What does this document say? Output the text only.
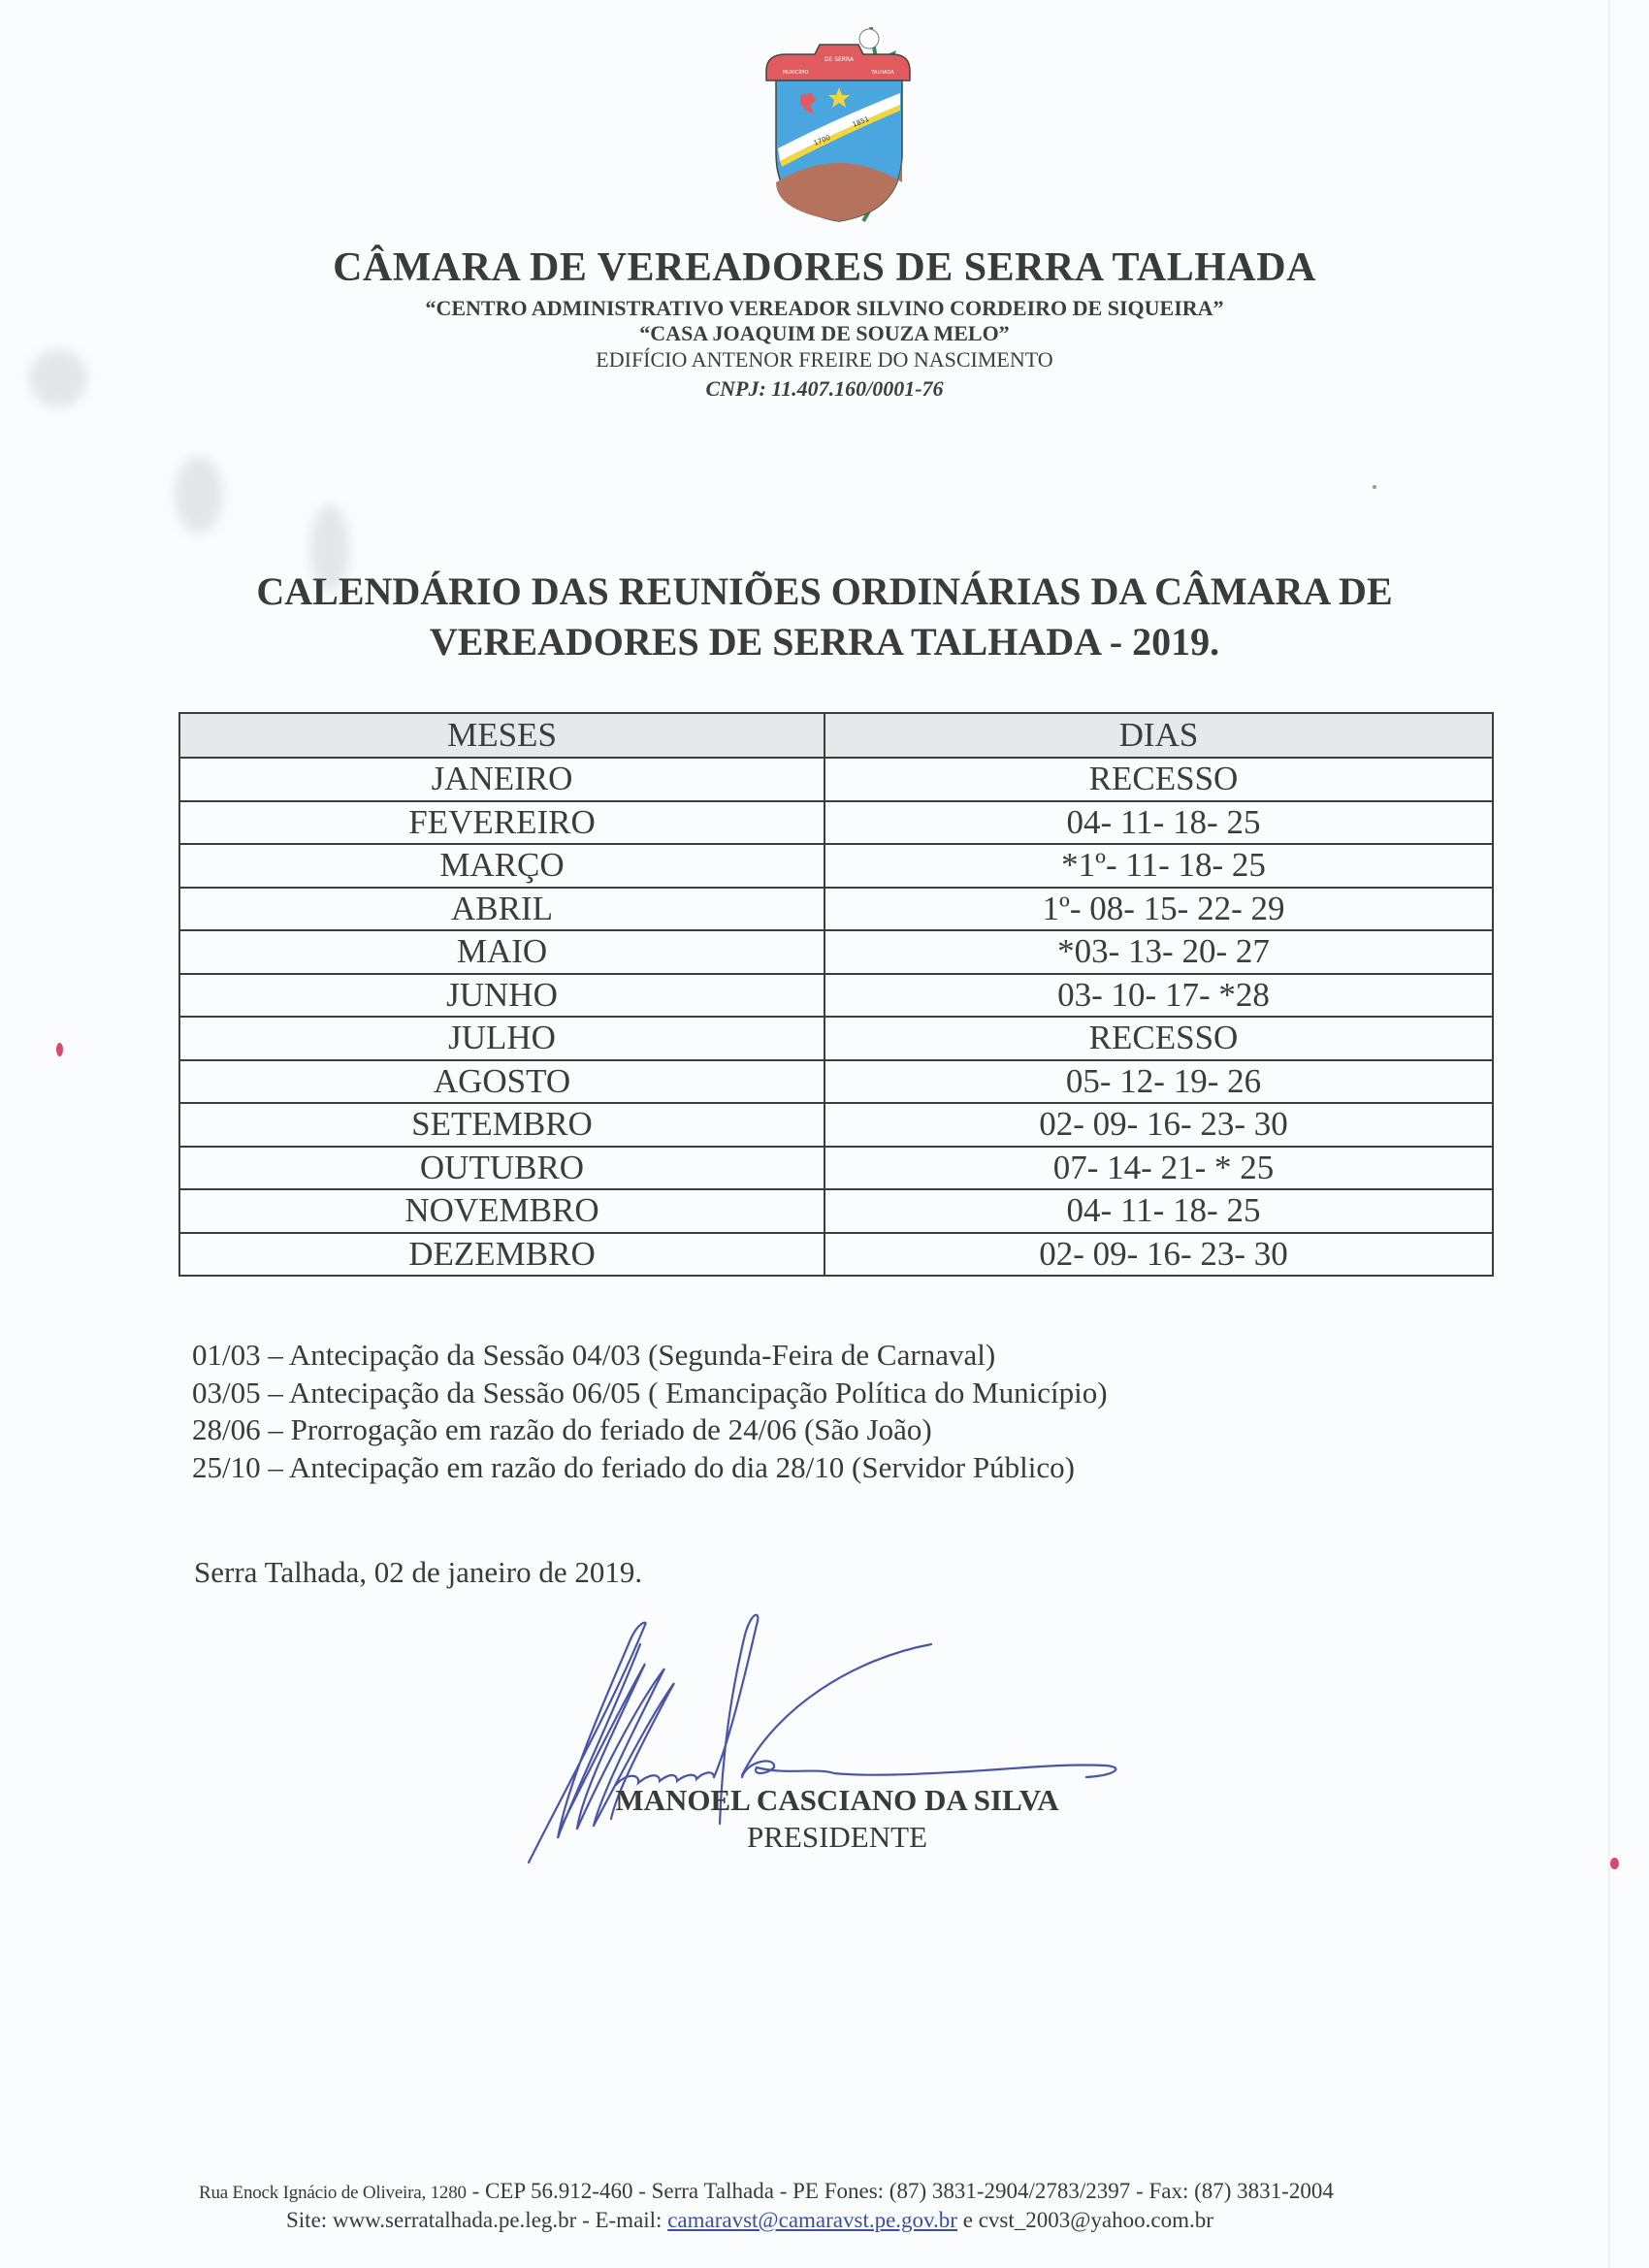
DE SERRA
MUNICÍPIO	TALHADA
1700
1851
CÂMARA DE VEREADORES DE SERRA TALHADA
“CENTRO ADMINISTRATIVO VEREADOR SILVINO CORDEIRO DE SIQUEIRA”
“CASA JOAQUIM DE SOUZA MELO”
EDIFÍCIO ANTENOR FREIRE DO NASCIMENTO
CNPJ: 11.407.160/0001-76
CALENDÁRIO DAS REUNIÕES ORDINÁRIAS DA CÂMARA DE
VEREADORES DE SERRA TALHADA - 2019.
MESES	DIAS
JANEIRO	RECESSO
FEVEREIRO	04- 11- 18- 25
MARÇO	*1º- 11- 18- 25
ABRIL	1º- 08- 15- 22- 29
MAIO	*03- 13- 20- 27
JUNHO	03- 10- 17- *28
JULHO	RECESSO
AGOSTO	05- 12- 19- 26
SETEMBRO	02- 09- 16- 23- 30
OUTUBRO	07- 14- 21- * 25
NOVEMBRO	04- 11- 18- 25
DEZEMBRO	02- 09- 16- 23- 30
01/03 – Antecipação da Sessão 04/03 (Segunda-Feira de Carnaval)
03/05 – Antecipação da Sessão 06/05 ( Emancipação Política do Município)
28/06 – Prorrogação em razão do feriado de 24/06 (São João)
25/10 – Antecipação em razão do feriado do dia 28/10 (Servidor Público)
Serra Talhada, 02 de janeiro de 2019.
MANOEL CASCIANO DA SILVA
PRESIDENTE
Rua Enock Ignácio de Oliveira, 1280 - CEP 56.912-460 - Serra Talhada - PE Fones: (87) 3831-2904/2783/2397 - Fax: (87) 3831-2004
Site: www.serratalhada.pe.leg.br - E-mail: camaravst@camaravst.pe.gov.br e cvst_2003@yahoo.com.br
